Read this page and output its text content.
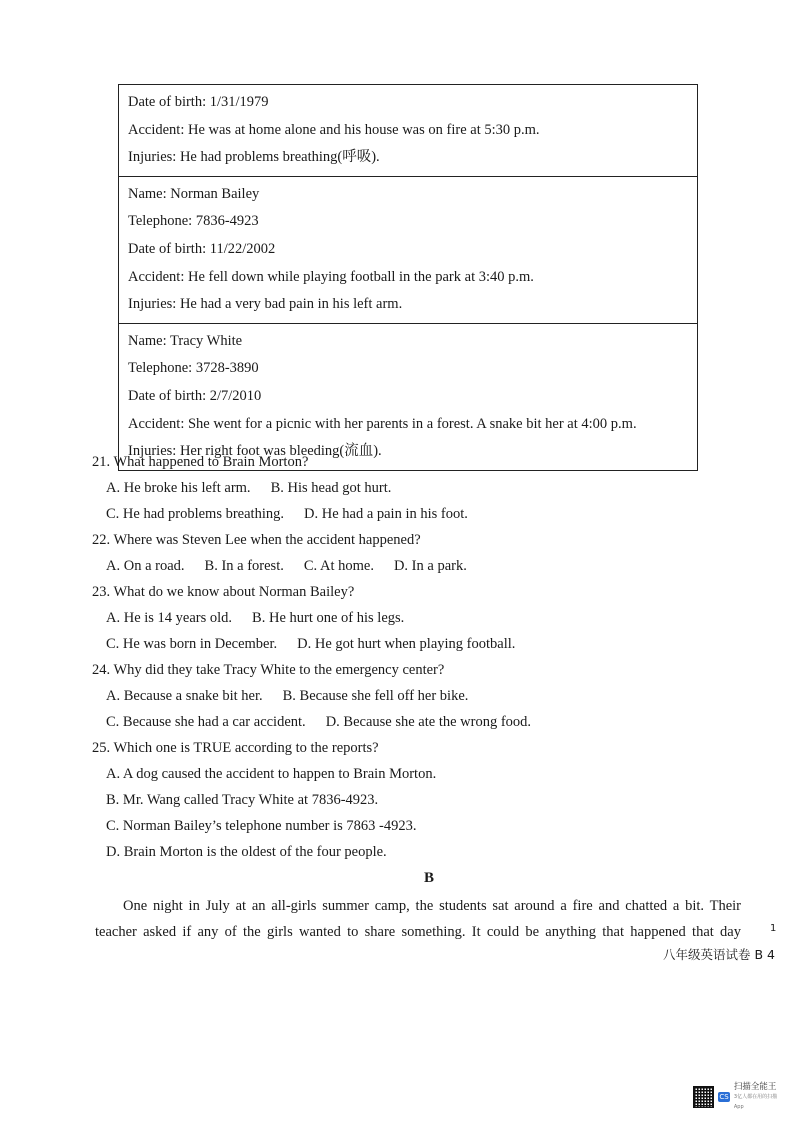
Date of birth: 1/31/1979
Accident: He was at home alone and his house was on fire at 5:30 p.m.
Injuries: He had problems breathing(呼吸).
Name: Norman Bailey
Telephone: 7836-4923
Date of birth: 11/22/2002
Accident: He fell down while playing football in the park at 3:40 p.m.
Injuries: He had a very bad pain in his left arm.
Name: Tracy White
Telephone: 3728-3890
Date of birth: 2/7/2010
Accident: She went for a picnic with her parents in a forest. A snake bit her at 4:00 p.m.
Injuries: Her right foot was bleeding(流血).
21. What happened to Brain Morton?
A. He broke his left arm. B. His head got hurt.
C. He had problems breathing. D. He had a pain in his foot.
22. Where was Steven Lee when the accident happened?
A. On a road. B. In a forest. C. At home. D. In a park.
23. What do we know about Norman Bailey?
A. He is 14 years old. B. He hurt one of his legs.
C. He was born in December. D. He got hurt when playing football.
24. Why did they take Tracy White to the emergency center?
A. Because a snake bit her. B. Because she fell off her bike.
C. Because she had a car accident. D. Because she ate the wrong food.
25. Which one is TRUE according to the reports?
A. A dog caused the accident to happen to Brain Morton.
B. Mr. Wang called Tracy White at 7836-4923.
C. Norman Bailey’s telephone number is 7863 -4923.
D. Brain Morton is the oldest of the four people.
B
One night in July at an all-girls summer camp, the students sat around a fire and chatted a bit. Their teacher asked if any of the girls wanted to share something. It could be anything that happened that day	1
八年级英语试卷 B 4
CS
扫描全能王
3亿人都在用的扫描App
